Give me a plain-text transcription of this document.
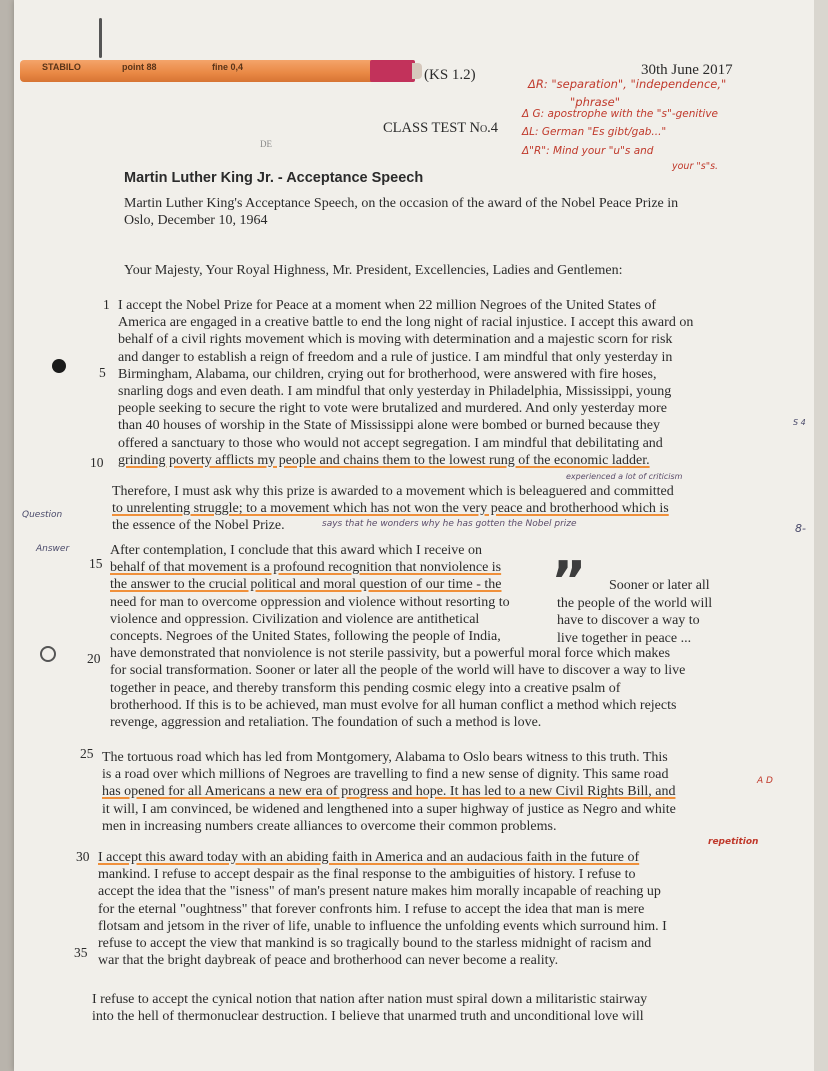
STABILO	point 88	fine 0,4	(KS 1.2)	30th June 2017
CLASS TEST No.4
DE
ΔR: "separation", "independence,"
"phrase"
Δ G: apostrophe with the "s"-genitive
ΔL: German "Es gibt/gab..."
Δ"R": Mind your "u"s and
your "s"s.
Martin Luther King Jr. - Acceptance Speech
Martin Luther King's Acceptance Speech, on the occasion of the award of the Nobel Peace Prize in
Oslo, December 10, 1964
Your Majesty, Your Royal Highness, Mr. President, Excellencies, Ladies and Gentlemen:
1
5
10
15
20
25
30
35
I accept the Nobel Prize for Peace at a moment when 22 million Negroes of the United States of
America are engaged in a creative battle to end the long night of racial injustice. I accept this award on
behalf of a civil rights movement which is moving with determination and a majestic scorn for risk
and danger to establish a reign of freedom and a rule of justice. I am mindful that only yesterday in
Birmingham, Alabama, our children, crying out for brotherhood, were answered with fire hoses,
snarling dogs and even death. I am mindful that only yesterday in Philadelphia, Mississippi, young
people seeking to secure the right to vote were brutalized and murdered. And only yesterday more
than 40 houses of worship in the State of Mississippi alone were bombed or burned because they
offered a sanctuary to those who would not accept segregation. I am mindful that debilitating and
grinding poverty afflicts my people and chains them to the lowest rung of the economic ladder.
experienced a lot of criticism
Therefore, I must ask why this prize is awarded to a movement which is beleaguered and committed
to unrelenting struggle; to a movement which has not won the very peace and brotherhood which is
the essence of the Nobel Prize.
Question
says that he wonders why he has gotten the Nobel prize
Answer	After contemplation, I conclude that this award which I receive on
behalf of that movement is a profound recognition that nonviolence is
the answer to the crucial political and moral question of our time - the
need for man to overcome oppression and violence without resorting to
violence and oppression. Civilization and violence are antithetical
concepts. Negroes of the United States, following the people of India,
have demonstrated that nonviolence is not sterile passivity, but a powerful moral force which makes
for social transformation. Sooner or later all the people of the world will have to discover a way to live
together in peace, and thereby transform this pending cosmic elegy into a creative psalm of
brotherhood. If this is to be achieved, man must evolve for all human conflict a method which rejects
revenge, aggression and retaliation. The foundation of such a method is love.
”	Sooner or later all
the people of the world will
have to discover a way to
live together in peace ...
The tortuous road which has led from Montgomery, Alabama to Oslo bears witness to this truth. This
is a road over which millions of Negroes are travelling to find a new sense of dignity. This same road
has opened for all Americans a new era of progress and hope. It has led to a new Civil Rights Bill, and
it will, I am convinced, be widened and lengthened into a super highway of justice as Negro and white
men in increasing numbers create alliances to overcome their common problems.
A D
repetition
I accept this award today with an abiding faith in America and an audacious faith in the future of
mankind. I refuse to accept despair as the final response to the ambiguities of history. I refuse to
accept the idea that the "isness" of man's present nature makes him morally incapable of reaching up
for the eternal "oughtness" that forever confronts him. I refuse to accept the idea that man is mere
flotsam and jetsom in the river of life, unable to influence the unfolding events which surround him. I
refuse to accept the view that mankind is so tragically bound to the starless midnight of racism and
war that the bright daybreak of peace and brotherhood can never become a reality.
I refuse to accept the cynical notion that nation after nation must spiral down a militaristic stairway
into the hell of thermonuclear destruction. I believe that unarmed truth and unconditional love will
S 4
8-
